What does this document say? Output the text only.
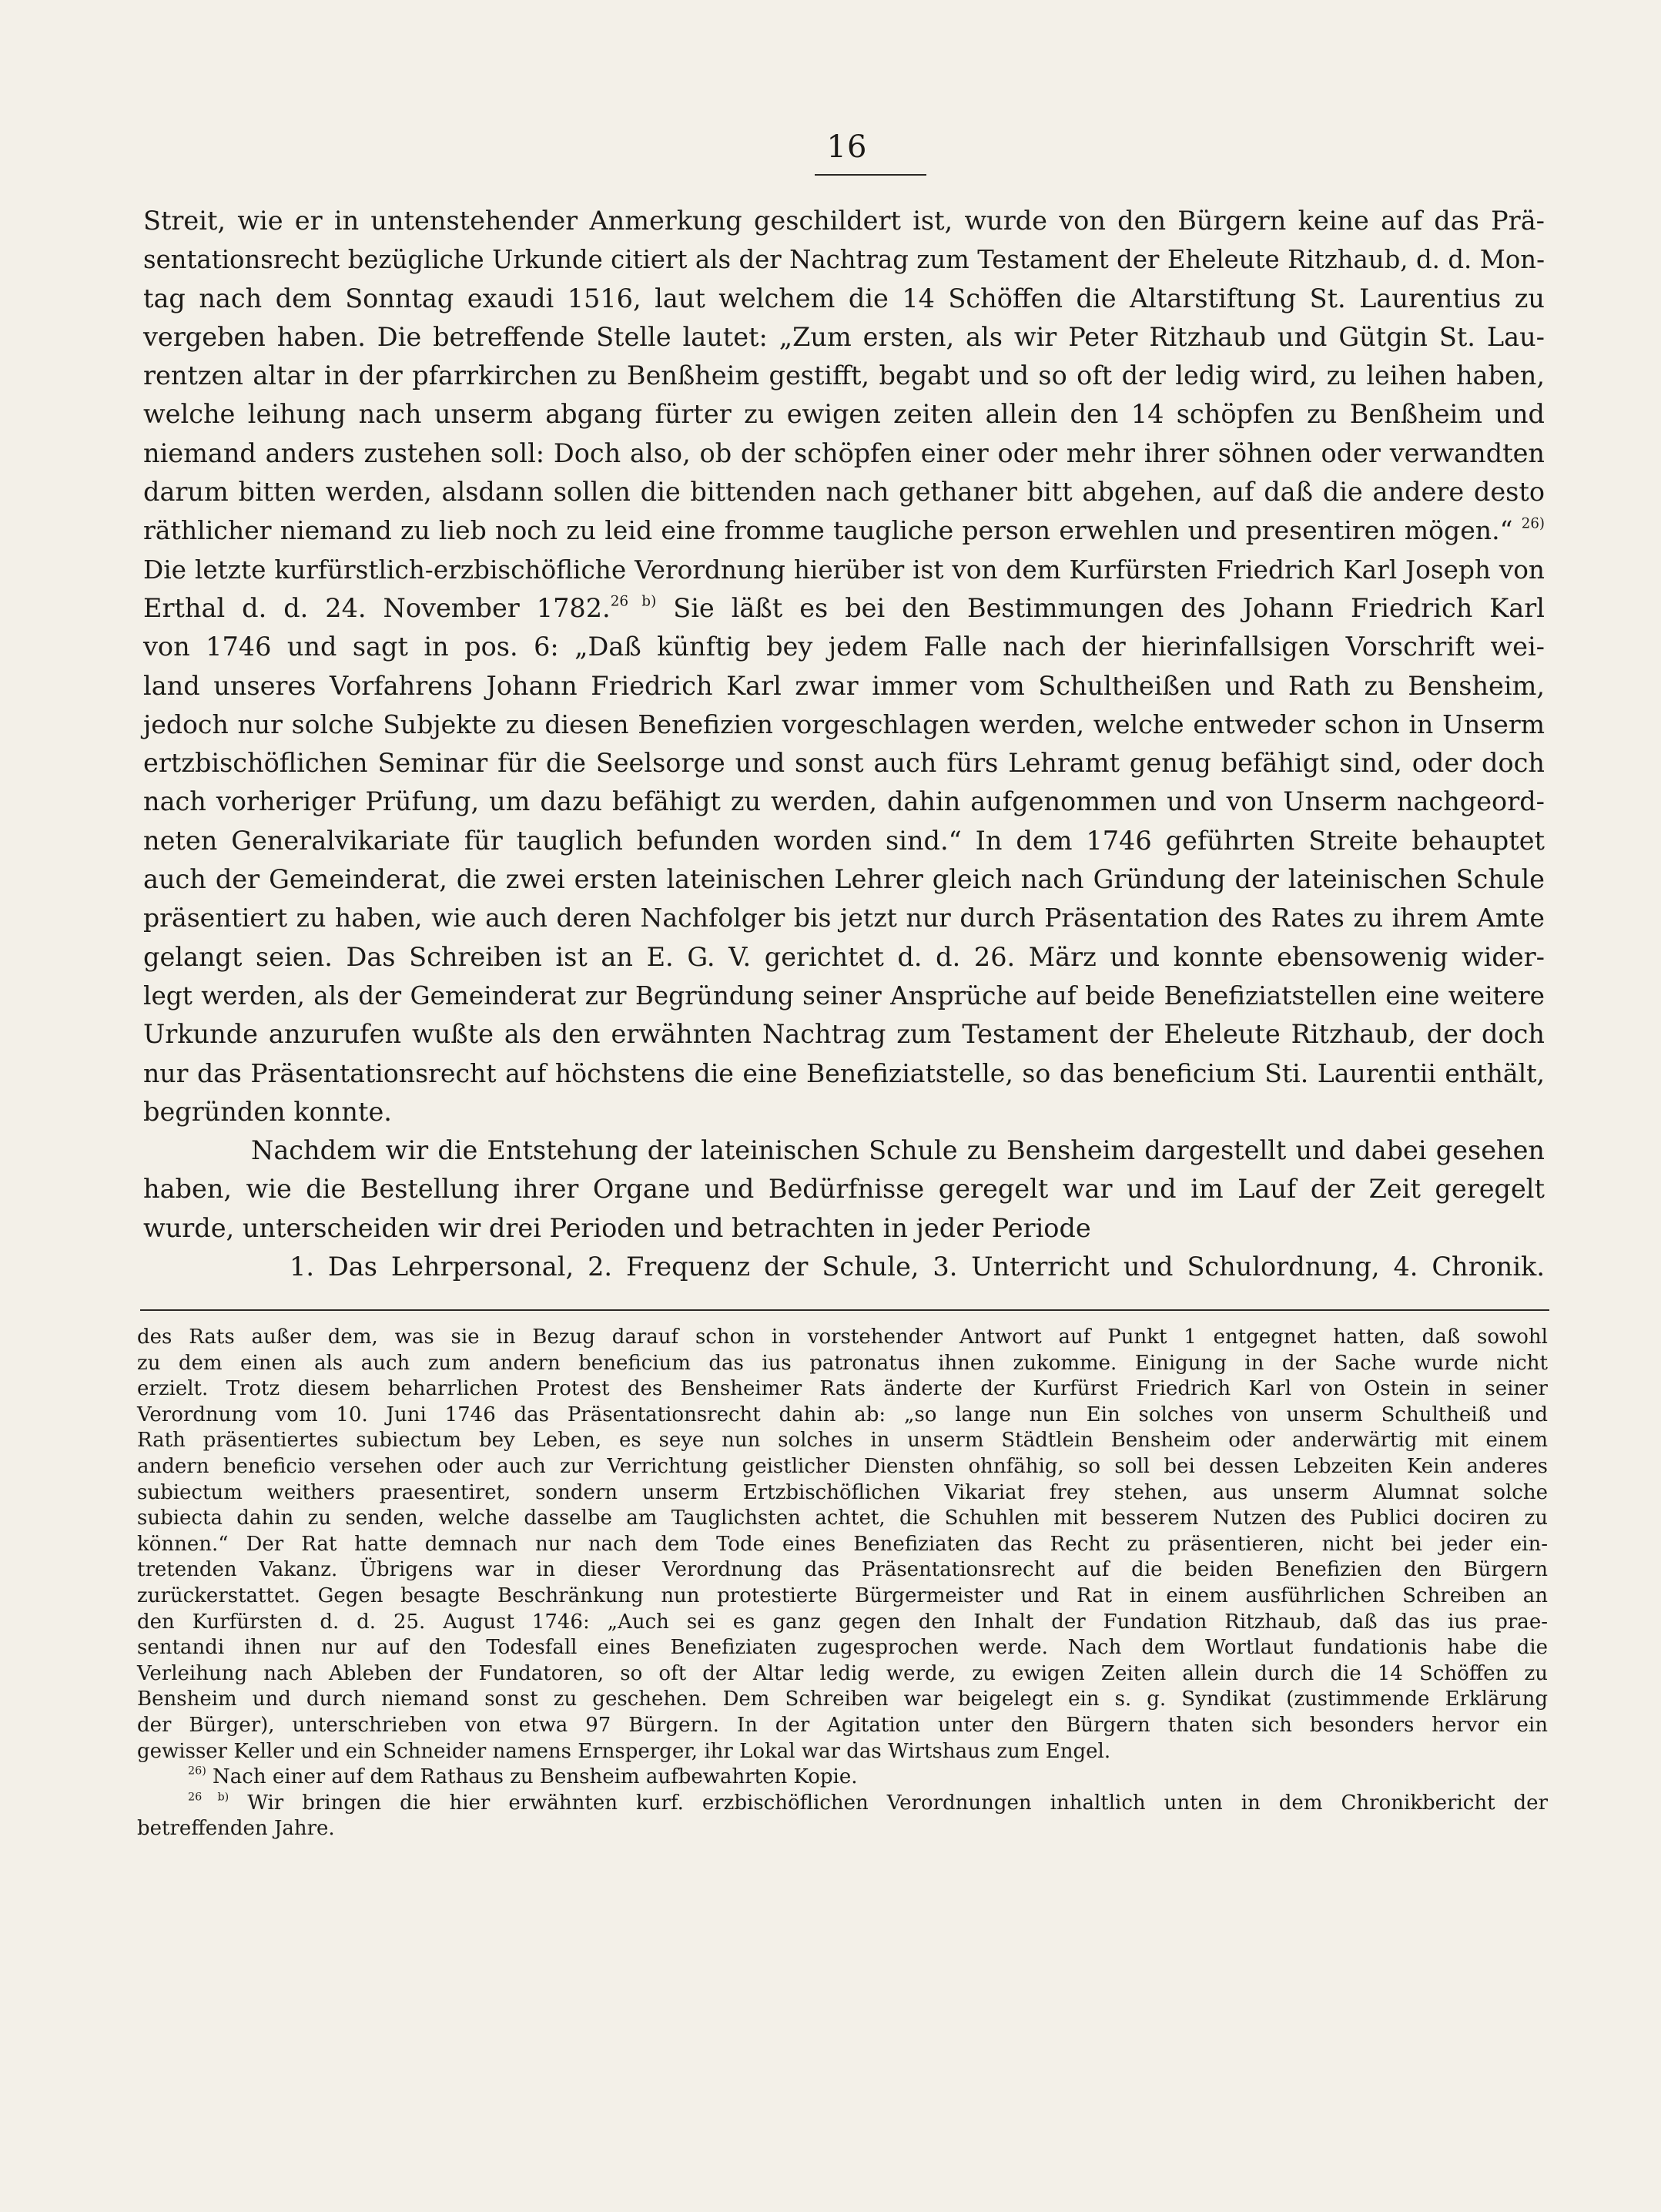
16
Streit, wie er in untenstehender Anmerkung geschildert ist, wurde von den Bürgern keine auf das Prä-
sentationsrecht bezügliche Urkunde citiert als der Nachtrag zum Testament der Eheleute Ritzhaub, d. d. Mon-
tag nach dem Sonntag exaudi 1516, laut welchem die 14 Schöffen die Altarstiftung St. Laurentius zu
vergeben haben. Die betreffende Stelle lautet: „Zum ersten, als wir Peter Ritzhaub und Gütgin St. Lau-
rentzen altar in der pfarrkirchen zu Benßheim gestifft, begabt und so oft der ledig wird, zu leihen haben,
welche leihung nach unserm abgang fürter zu ewigen zeiten allein den 14 schöpfen zu Benßheim und
niemand anders zustehen soll: Doch also, ob der schöpfen einer oder mehr ihrer söhnen oder verwandten
darum bitten werden, alsdann sollen die bittenden nach gethaner bitt abgehen, auf daß die andere desto
räthlicher niemand zu lieb noch zu leid eine fromme taugliche person erwehlen und presentiren mögen.“ $^{26)}$
Die letzte kurfürstlich-erzbischöfliche Verordnung hierüber ist von dem Kurfürsten Friedrich Karl Joseph von
Erthal d. d. 24. November 1782.$^{26 b)}$ Sie läßt es bei den Bestimmungen des Johann Friedrich Karl
von 1746 und sagt in pos. 6: „Daß künftig bey jedem Falle nach der hierinfallsigen Vorschrift wei-
land unseres Vorfahrens Johann Friedrich Karl zwar immer vom Schultheißen und Rath zu Bensheim,
jedoch nur solche Subjekte zu diesen Benefizien vorgeschlagen werden, welche entweder schon in Unserm
ertzbischöflichen Seminar für die Seelsorge und sonst auch fürs Lehramt genug befähigt sind, oder doch
nach vorheriger Prüfung, um dazu befähigt zu werden, dahin aufgenommen und von Unserm nachgeord-
neten Generalvikariate für tauglich befunden worden sind.“ In dem 1746 geführten Streite behauptet
auch der Gemeinderat, die zwei ersten lateinischen Lehrer gleich nach Gründung der lateinischen Schule
präsentiert zu haben, wie auch deren Nachfolger bis jetzt nur durch Präsentation des Rates zu ihrem Amte
gelangt seien. Das Schreiben ist an E. G. V. gerichtet d. d. 26. März und konnte ebensowenig wider-
legt werden, als der Gemeinderat zur Begründung seiner Ansprüche auf beide Benefiziatstellen eine weitere
Urkunde anzurufen wußte als den erwähnten Nachtrag zum Testament der Eheleute Ritzhaub, der doch
nur das Präsentationsrecht auf höchstens die eine Benefiziatstelle, so das beneficium Sti. Laurentii enthält,
begründen konnte.
Nachdem wir die Entstehung der lateinischen Schule zu Bensheim dargestellt und dabei gesehen
haben, wie die Bestellung ihrer Organe und Bedürfnisse geregelt war und im Lauf der Zeit geregelt
wurde, unterscheiden wir drei Perioden und betrachten in jeder Periode
1. Das Lehrpersonal, 2. Frequenz der Schule, 3. Unterricht und Schulordnung, 4. Chronik.
des Rats außer dem, was sie in Bezug darauf schon in vorstehender Antwort auf Punkt 1 entgegnet hatten, daß sowohl
zu dem einen als auch zum andern beneficium das ius patronatus ihnen zukomme. Einigung in der Sache wurde nicht
erzielt. Trotz diesem beharrlichen Protest des Bensheimer Rats änderte der Kurfürst Friedrich Karl von Ostein in seiner
Verordnung vom 10. Juni 1746 das Präsentationsrecht dahin ab: „so lange nun Ein solches von unserm Schultheiß und
Rath präsentiertes subiectum bey Leben, es seye nun solches in unserm Städtlein Bensheim oder anderwärtig mit einem
andern beneficio versehen oder auch zur Verrichtung geistlicher Diensten ohnfähig, so soll bei dessen Lebzeiten Kein anderes
subiectum weithers praesentiret, sondern unserm Ertzbischöflichen Vikariat frey stehen, aus unserm Alumnat solche
subiecta dahin zu senden, welche dasselbe am Tauglichsten achtet, die Schuhlen mit besserem Nutzen des Publici dociren zu
können.“ Der Rat hatte demnach nur nach dem Tode eines Benefiziaten das Recht zu präsentieren, nicht bei jeder ein-
tretenden Vakanz. Übrigens war in dieser Verordnung das Präsentationsrecht auf die beiden Benefizien den Bürgern
zurückerstattet. Gegen besagte Beschränkung nun protestierte Bürgermeister und Rat in einem ausführlichen Schreiben an
den Kurfürsten d. d. 25. August 1746: „Auch sei es ganz gegen den Inhalt der Fundation Ritzhaub, daß das ius prae-
sentandi ihnen nur auf den Todesfall eines Benefiziaten zugesprochen werde. Nach dem Wortlaut fundationis habe die
Verleihung nach Ableben der Fundatoren, so oft der Altar ledig werde, zu ewigen Zeiten allein durch die 14 Schöffen zu
Bensheim und durch niemand sonst zu geschehen. Dem Schreiben war beigelegt ein s. g. Syndikat (zustimmende Erklärung
der Bürger), unterschrieben von etwa 97 Bürgern. In der Agitation unter den Bürgern thaten sich besonders hervor ein
gewisser Keller und ein Schneider namens Ernsperger, ihr Lokal war das Wirtshaus zum Engel.
$^{26)}$ Nach einer auf dem Rathaus zu Bensheim aufbewahrten Kopie.
$^{26 b)}$ Wir bringen die hier erwähnten kurf. erzbischöflichen Verordnungen inhaltlich unten in dem Chronikbericht der
betreffenden Jahre.
